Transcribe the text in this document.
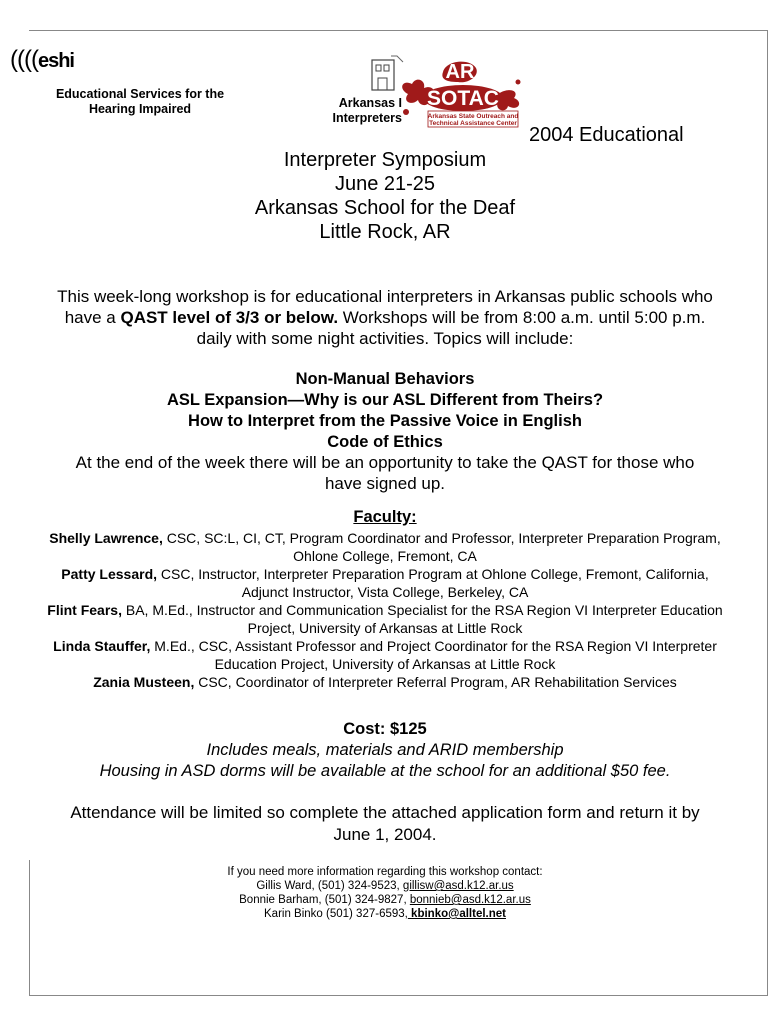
((((eshi
Educational Services for the Hearing Impaired	Arkansas I
Interpreters
AR
SOTAC
Arkansas State Outreach and
Technical Assistance Center
2004 Educational
Interpreter Symposium
June 21-25
Arkansas School for the Deaf
Little Rock, AR
This week-long workshop is for educational interpreters in Arkansas public schools who have a QAST level of 3/3 or below. Workshops will be from 8:00 a.m. until 5:00 p.m. daily with some night activities. Topics will include:
Non-Manual Behaviors
ASL Expansion—Why is our ASL Different from Theirs?
How to Interpret from the Passive Voice in English
Code of Ethics
At the end of the week there will be an opportunity to take the QAST for those who have signed up.
Faculty:
Shelly Lawrence, CSC, SC:L, CI, CT, Program Coordinator and Professor, Interpreter Preparation Program, Ohlone College, Fremont, CA
Patty Lessard, CSC, Instructor, Interpreter Preparation Program at Ohlone College, Fremont, California, Adjunct Instructor, Vista College, Berkeley, CA
Flint Fears, BA, M.Ed., Instructor and Communication Specialist for the RSA Region VI Interpreter Education Project, University of Arkansas at Little Rock
Linda Stauffer, M.Ed., CSC, Assistant Professor and Project Coordinator for the RSA Region VI Interpreter Education Project, University of Arkansas at Little Rock
Zania Musteen, CSC, Coordinator of Interpreter Referral Program, AR Rehabilitation Services
Cost: $125
Includes meals, materials and ARID membership
Housing in ASD dorms will be available at the school for an additional $50 fee.
Attendance will be limited so complete the attached application form and return it by June 1, 2004.
If you need more information regarding this workshop contact:
Gillis Ward, (501) 324-9523, gillisw@asd.k12.ar.us
Bonnie Barham, (501) 324-9827, bonnieb@asd.k12.ar.us
Karin Binko (501) 327-6593, kbinko@alltel.net
